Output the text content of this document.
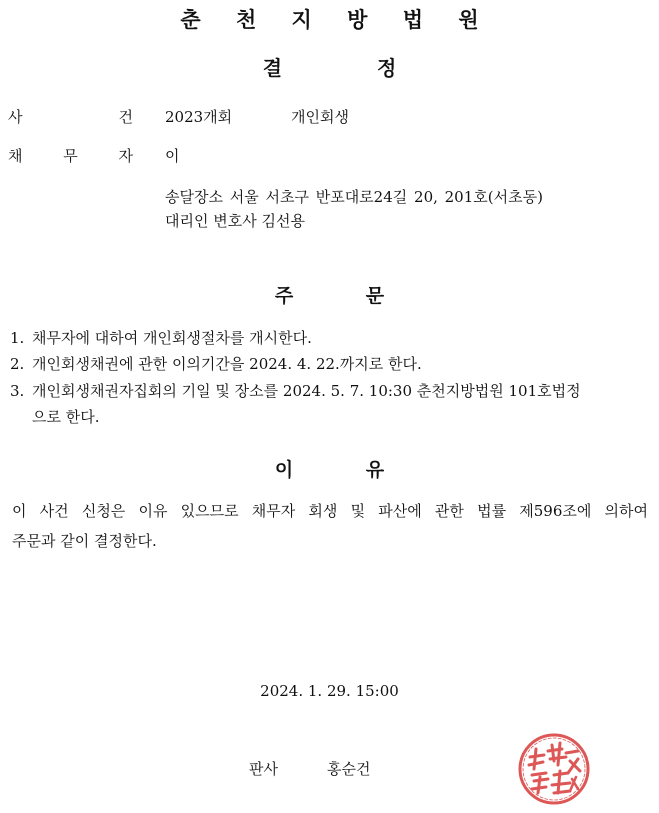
춘 천 지 방 법 원
결 정
사	건 2023개회	개인회생
채	무	자 이
송달장소 서울 서초구 반포대로24길 20, 201호(서초동)
대리인 변호사 김선용
주 문
1. 채무자에 대하여 개인회생절차를 개시한다.
2. 개인회생채권에 관한 이의기간을 2024. 4. 22.까지로 한다.
3. 개인회생채권자집회의 기일 및 장소를 2024. 5. 7. 10:30 춘천지방법원 101호법정
으로 한다.
이 유
이 사건 신청은 이유 있으므로 채무자 회생 및 파산에 관한 법률 제596조에 의하여
주문과 같이 결정한다.
2024. 1. 29. 15:00
판사	홍순건
